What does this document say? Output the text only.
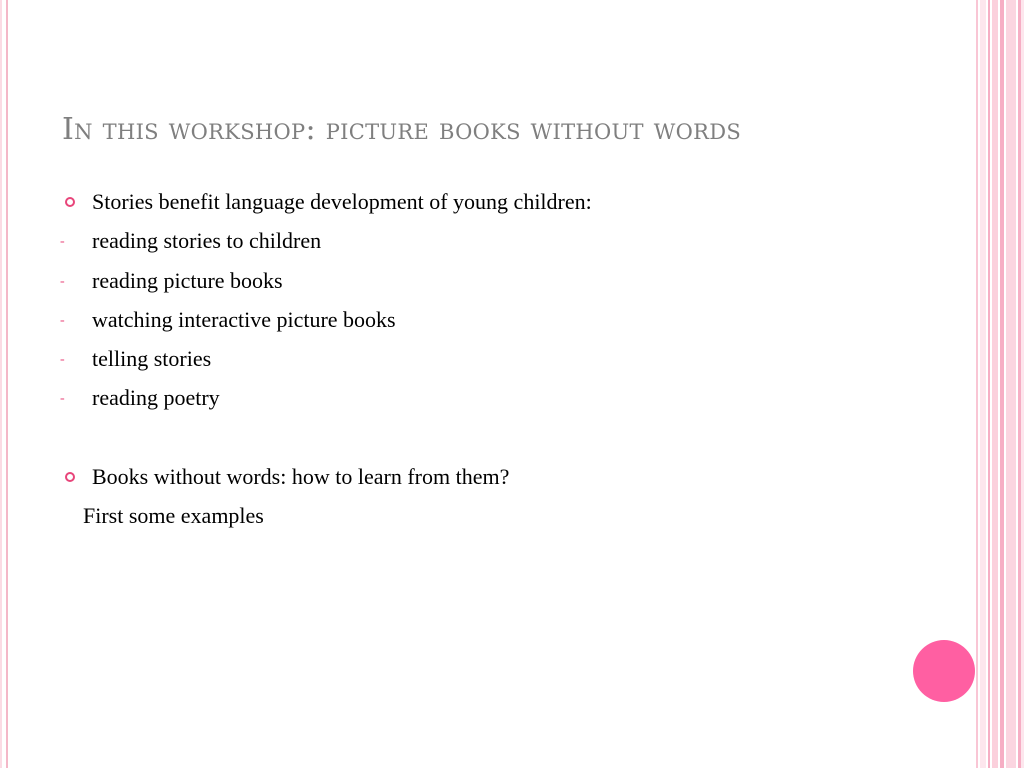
In this workshop: picture books without words
Stories benefit language development of young children:
- reading stories to children
- reading picture books
- watching interactive picture books
- telling stories
- reading poetry
Books without words: how to learn from them?
First some examples
